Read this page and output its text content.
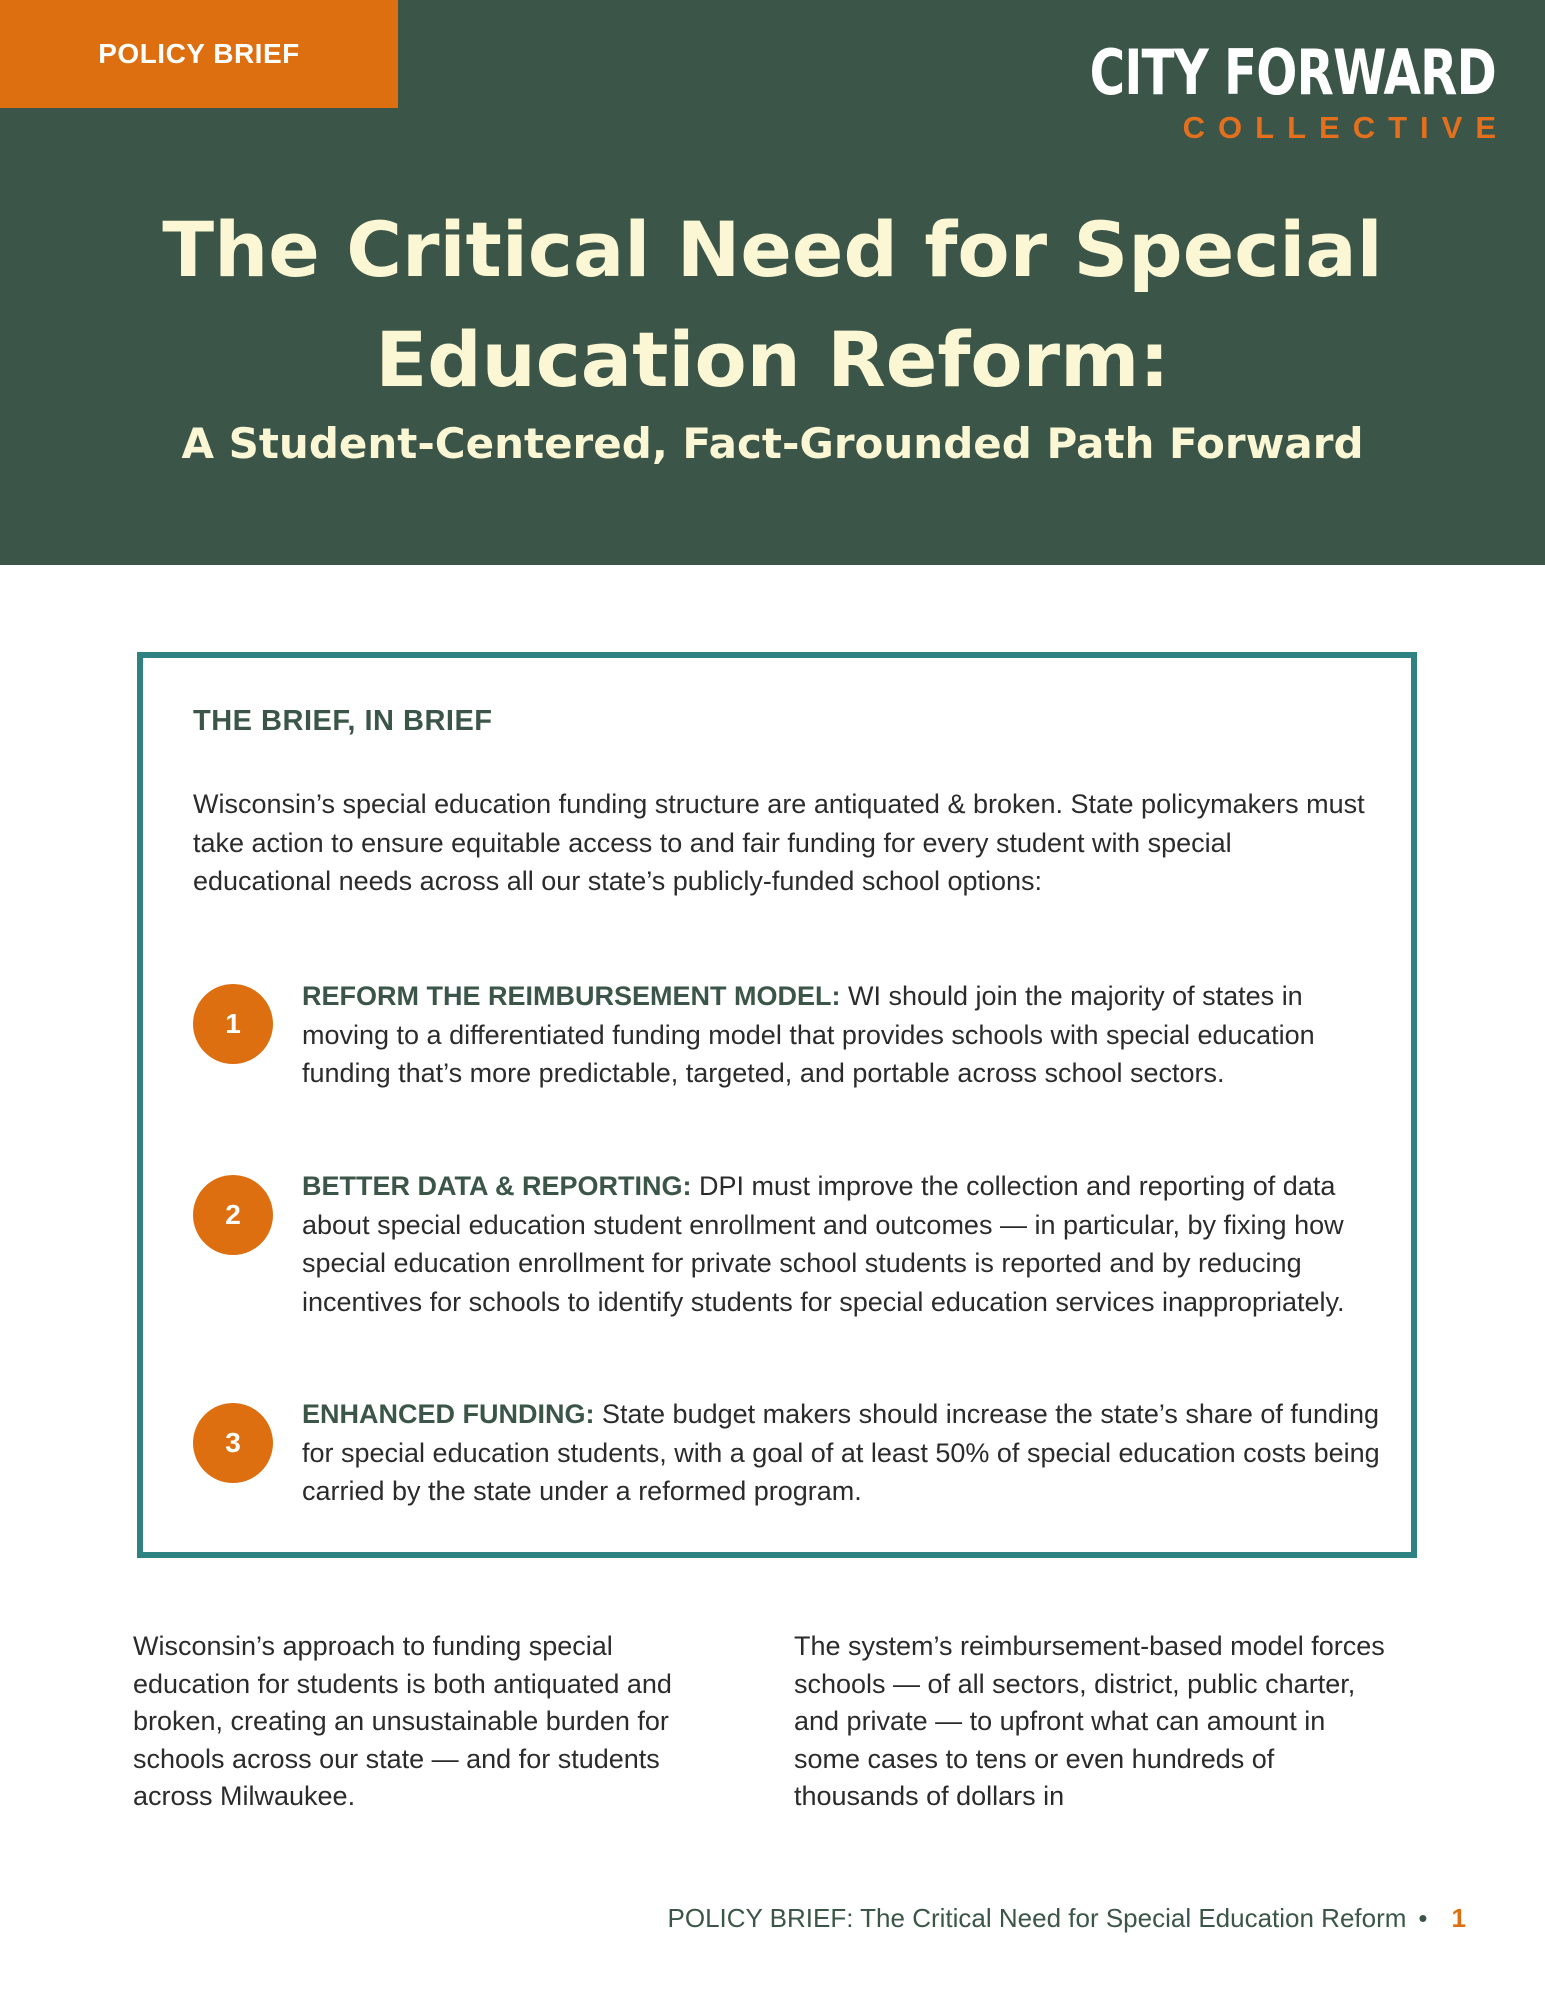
POLICY BRIEF	CITY FORWARD
COLLECTIVE
The Critical Need for Special
Education Reform:
A Student-Centered, Fact-Grounded Path Forward
THE BRIEF, IN BRIEF
Wisconsin’s special education funding structure are antiquated & broken. State policymakers must take action to ensure equitable access to and fair funding for every student with special educational needs across all our state’s publicly-funded school options:
1
REFORM THE REIMBURSEMENT MODEL: WI should join the majority of states in moving to a differentiated funding model that provides schools with special education funding that’s more predictable, targeted, and portable across school sectors.
2
BETTER DATA & REPORTING: DPI must improve the collection and reporting of data about special education student enrollment and outcomes — in particular, by fixing how special education enrollment for private school students is reported and by reducing incentives for schools to identify students for special education services inappropriately.
3
ENHANCED FUNDING: State budget makers should increase the state’s share of funding for special education students, with a goal of at least 50% of special education costs being carried by the state under a reformed program.
Wisconsin’s approach to funding special education for students is both antiquated and broken, creating an unsustainable burden for schools across our state — and for students across Milwaukee.
The system’s reimbursement-based model forces schools — of all sectors, district, public charter, and private — to upfront what can amount in some cases to tens or even hundreds of thousands of dollars in
POLICY BRIEF: The Critical Need for Special Education Reform • 1
